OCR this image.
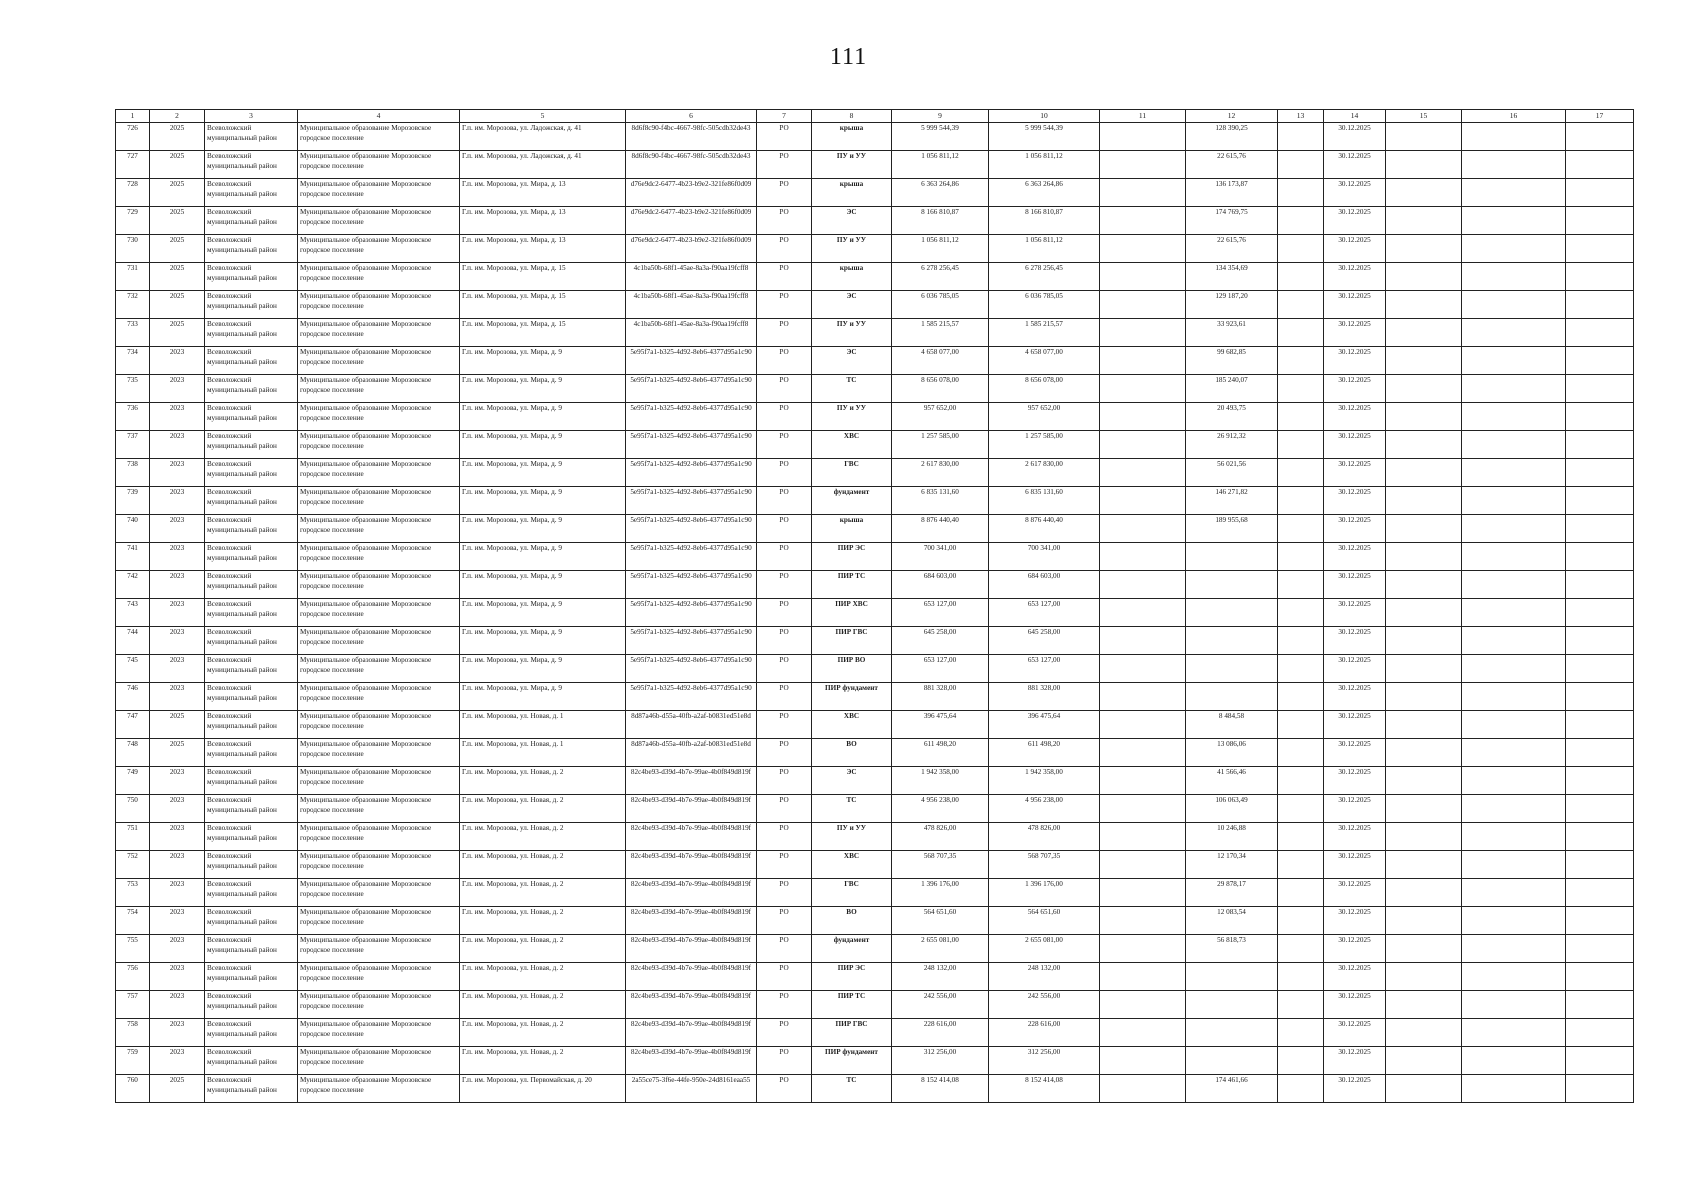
111
1	2	3	4	5	6	7	8	9	10	11	12	13	14	15	16	17
726	2025	Всеволожский муниципальный район	Муниципальное образование Морозовское городское поселение	Г.п. им. Морозова, ул. Ладожская, д. 41	8d6f8c90-f4bc-4667-98fc-505cdb32de43	РО	крыша	5 999 544,39	5 999 544,39		128 390,25		30.12.2025			
727	2025	Всеволожский муниципальный район	Муниципальное образование Морозовское городское поселение	Г.п. им. Морозова, ул. Ладожская, д. 41	8d6f8c90-f4bc-4667-98fc-505cdb32de43	РО	ПУ и УУ	1 056 811,12	1 056 811,12		22 615,76		30.12.2025			
728	2025	Всеволожский муниципальный район	Муниципальное образование Морозовское городское поселение	Г.п. им. Морозова, ул. Мира, д. 13	d76e9dc2-6477-4b23-b9e2-321fe86f0d09	РО	крыша	6 363 264,86	6 363 264,86		136 173,87		30.12.2025			
729	2025	Всеволожский муниципальный район	Муниципальное образование Морозовское городское поселение	Г.п. им. Морозова, ул. Мира, д. 13	d76e9dc2-6477-4b23-b9e2-321fe86f0d09	РО	ЭС	8 166 810,87	8 166 810,87		174 769,75		30.12.2025			
730	2025	Всеволожский муниципальный район	Муниципальное образование Морозовское городское поселение	Г.п. им. Морозова, ул. Мира, д. 13	d76e9dc2-6477-4b23-b9e2-321fe86f0d09	РО	ПУ и УУ	1 056 811,12	1 056 811,12		22 615,76		30.12.2025			
731	2025	Всеволожский муниципальный район	Муниципальное образование Морозовское городское поселение	Г.п. им. Морозова, ул. Мира, д. 15	4c1ba50b-68f1-45ae-8a3a-f90aa19fcff8	РО	крыша	6 278 256,45	6 278 256,45		134 354,69		30.12.2025			
732	2025	Всеволожский муниципальный район	Муниципальное образование Морозовское городское поселение	Г.п. им. Морозова, ул. Мира, д. 15	4c1ba50b-68f1-45ae-8a3a-f90aa19fcff8	РО	ЭС	6 036 785,05	6 036 785,05		129 187,20		30.12.2025			
733	2025	Всеволожский муниципальный район	Муниципальное образование Морозовское городское поселение	Г.п. им. Морозова, ул. Мира, д. 15	4c1ba50b-68f1-45ae-8a3a-f90aa19fcff8	РО	ПУ и УУ	1 585 215,57	1 585 215,57		33 923,61		30.12.2025			
734	2023	Всеволожский муниципальный район	Муниципальное образование Морозовское городское поселение	Г.п. им. Морозова, ул. Мира, д. 9	5e95f7a1-b325-4d92-8eb6-4377d95a1c90	РО	ЭС	4 658 077,00	4 658 077,00		99 682,85		30.12.2025			
735	2023	Всеволожский муниципальный район	Муниципальное образование Морозовское городское поселение	Г.п. им. Морозова, ул. Мира, д. 9	5e95f7a1-b325-4d92-8eb6-4377d95a1c90	РО	ТС	8 656 078,00	8 656 078,00		185 240,07		30.12.2025			
736	2023	Всеволожский муниципальный район	Муниципальное образование Морозовское городское поселение	Г.п. им. Морозова, ул. Мира, д. 9	5e95f7a1-b325-4d92-8eb6-4377d95a1c90	РО	ПУ и УУ	957 652,00	957 652,00		20 493,75		30.12.2025			
737	2023	Всеволожский муниципальный район	Муниципальное образование Морозовское городское поселение	Г.п. им. Морозова, ул. Мира, д. 9	5e95f7a1-b325-4d92-8eb6-4377d95a1c90	РО	ХВС	1 257 585,00	1 257 585,00		26 912,32		30.12.2025			
738	2023	Всеволожский муниципальный район	Муниципальное образование Морозовское городское поселение	Г.п. им. Морозова, ул. Мира, д. 9	5e95f7a1-b325-4d92-8eb6-4377d95a1c90	РО	ГВС	2 617 830,00	2 617 830,00		56 021,56		30.12.2025			
739	2023	Всеволожский муниципальный район	Муниципальное образование Морозовское городское поселение	Г.п. им. Морозова, ул. Мира, д. 9	5e95f7a1-b325-4d92-8eb6-4377d95a1c90	РО	фундамент	6 835 131,60	6 835 131,60		146 271,82		30.12.2025			
740	2023	Всеволожский муниципальный район	Муниципальное образование Морозовское городское поселение	Г.п. им. Морозова, ул. Мира, д. 9	5e95f7a1-b325-4d92-8eb6-4377d95a1c90	РО	крыша	8 876 440,40	8 876 440,40		189 955,68		30.12.2025			
741	2023	Всеволожский муниципальный район	Муниципальное образование Морозовское городское поселение	Г.п. им. Морозова, ул. Мира, д. 9	5e95f7a1-b325-4d92-8eb6-4377d95a1c90	РО	ПИР ЭС	700 341,00	700 341,00				30.12.2025			
742	2023	Всеволожский муниципальный район	Муниципальное образование Морозовское городское поселение	Г.п. им. Морозова, ул. Мира, д. 9	5e95f7a1-b325-4d92-8eb6-4377d95a1c90	РО	ПИР ТС	684 603,00	684 603,00				30.12.2025			
743	2023	Всеволожский муниципальный район	Муниципальное образование Морозовское городское поселение	Г.п. им. Морозова, ул. Мира, д. 9	5e95f7a1-b325-4d92-8eb6-4377d95a1c90	РО	ПИР ХВС	653 127,00	653 127,00				30.12.2025			
744	2023	Всеволожский муниципальный район	Муниципальное образование Морозовское городское поселение	Г.п. им. Морозова, ул. Мира, д. 9	5e95f7a1-b325-4d92-8eb6-4377d95a1c90	РО	ПИР ГВС	645 258,00	645 258,00				30.12.2025			
745	2023	Всеволожский муниципальный район	Муниципальное образование Морозовское городское поселение	Г.п. им. Морозова, ул. Мира, д. 9	5e95f7a1-b325-4d92-8eb6-4377d95a1c90	РО	ПИР ВО	653 127,00	653 127,00				30.12.2025			
746	2023	Всеволожский муниципальный район	Муниципальное образование Морозовское городское поселение	Г.п. им. Морозова, ул. Мира, д. 9	5e95f7a1-b325-4d92-8eb6-4377d95a1c90	РО	ПИР фундамент	881 328,00	881 328,00				30.12.2025			
747	2025	Всеволожский муниципальный район	Муниципальное образование Морозовское городское поселение	Г.п. им. Морозова, ул. Новая, д. 1	8d87a46b-d55a-40fb-a2af-b0831ed51e8d	РО	ХВС	396 475,64	396 475,64		8 484,58		30.12.2025			
748	2025	Всеволожский муниципальный район	Муниципальное образование Морозовское городское поселение	Г.п. им. Морозова, ул. Новая, д. 1	8d87a46b-d55a-40fb-a2af-b0831ed51e8d	РО	ВО	611 498,20	611 498,20		13 086,06		30.12.2025			
749	2023	Всеволожский муниципальный район	Муниципальное образование Морозовское городское поселение	Г.п. им. Морозова, ул. Новая, д. 2	82c4be93-d39d-4b7e-99ae-4b0f849d819f	РО	ЭС	1 942 358,00	1 942 358,00		41 566,46		30.12.2025			
750	2023	Всеволожский муниципальный район	Муниципальное образование Морозовское городское поселение	Г.п. им. Морозова, ул. Новая, д. 2	82c4be93-d39d-4b7e-99ae-4b0f849d819f	РО	ТС	4 956 238,00	4 956 238,00		106 063,49		30.12.2025			
751	2023	Всеволожский муниципальный район	Муниципальное образование Морозовское городское поселение	Г.п. им. Морозова, ул. Новая, д. 2	82c4be93-d39d-4b7e-99ae-4b0f849d819f	РО	ПУ и УУ	478 826,00	478 826,00		10 246,88		30.12.2025			
752	2023	Всеволожский муниципальный район	Муниципальное образование Морозовское городское поселение	Г.п. им. Морозова, ул. Новая, д. 2	82c4be93-d39d-4b7e-99ae-4b0f849d819f	РО	ХВС	568 707,35	568 707,35		12 170,34		30.12.2025			
753	2023	Всеволожский муниципальный район	Муниципальное образование Морозовское городское поселение	Г.п. им. Морозова, ул. Новая, д. 2	82c4be93-d39d-4b7e-99ae-4b0f849d819f	РО	ГВС	1 396 176,00	1 396 176,00		29 878,17		30.12.2025			
754	2023	Всеволожский муниципальный район	Муниципальное образование Морозовское городское поселение	Г.п. им. Морозова, ул. Новая, д. 2	82c4be93-d39d-4b7e-99ae-4b0f849d819f	РО	ВО	564 651,60	564 651,60		12 083,54		30.12.2025			
755	2023	Всеволожский муниципальный район	Муниципальное образование Морозовское городское поселение	Г.п. им. Морозова, ул. Новая, д. 2	82c4be93-d39d-4b7e-99ae-4b0f849d819f	РО	фундамент	2 655 081,00	2 655 081,00		56 818,73		30.12.2025			
756	2023	Всеволожский муниципальный район	Муниципальное образование Морозовское городское поселение	Г.п. им. Морозова, ул. Новая, д. 2	82c4be93-d39d-4b7e-99ae-4b0f849d819f	РО	ПИР ЭС	248 132,00	248 132,00				30.12.2025			
757	2023	Всеволожский муниципальный район	Муниципальное образование Морозовское городское поселение	Г.п. им. Морозова, ул. Новая, д. 2	82c4be93-d39d-4b7e-99ae-4b0f849d819f	РО	ПИР ТС	242 556,00	242 556,00				30.12.2025			
758	2023	Всеволожский муниципальный район	Муниципальное образование Морозовское городское поселение	Г.п. им. Морозова, ул. Новая, д. 2	82c4be93-d39d-4b7e-99ae-4b0f849d819f	РО	ПИР ГВС	228 616,00	228 616,00				30.12.2025			
759	2023	Всеволожский муниципальный район	Муниципальное образование Морозовское городское поселение	Г.п. им. Морозова, ул. Новая, д. 2	82c4be93-d39d-4b7e-99ae-4b0f849d819f	РО	ПИР фундамент	312 256,00	312 256,00				30.12.2025			
760	2025	Всеволожский муниципальный район	Муниципальное образование Морозовское городское поселение	Г.п. им. Морозова, ул. Первомайская, д. 20	2a55ce75-3f6e-44fe-950e-24d8161eaa55	РО	ТС	8 152 414,08	8 152 414,08		174 461,66		30.12.2025			
